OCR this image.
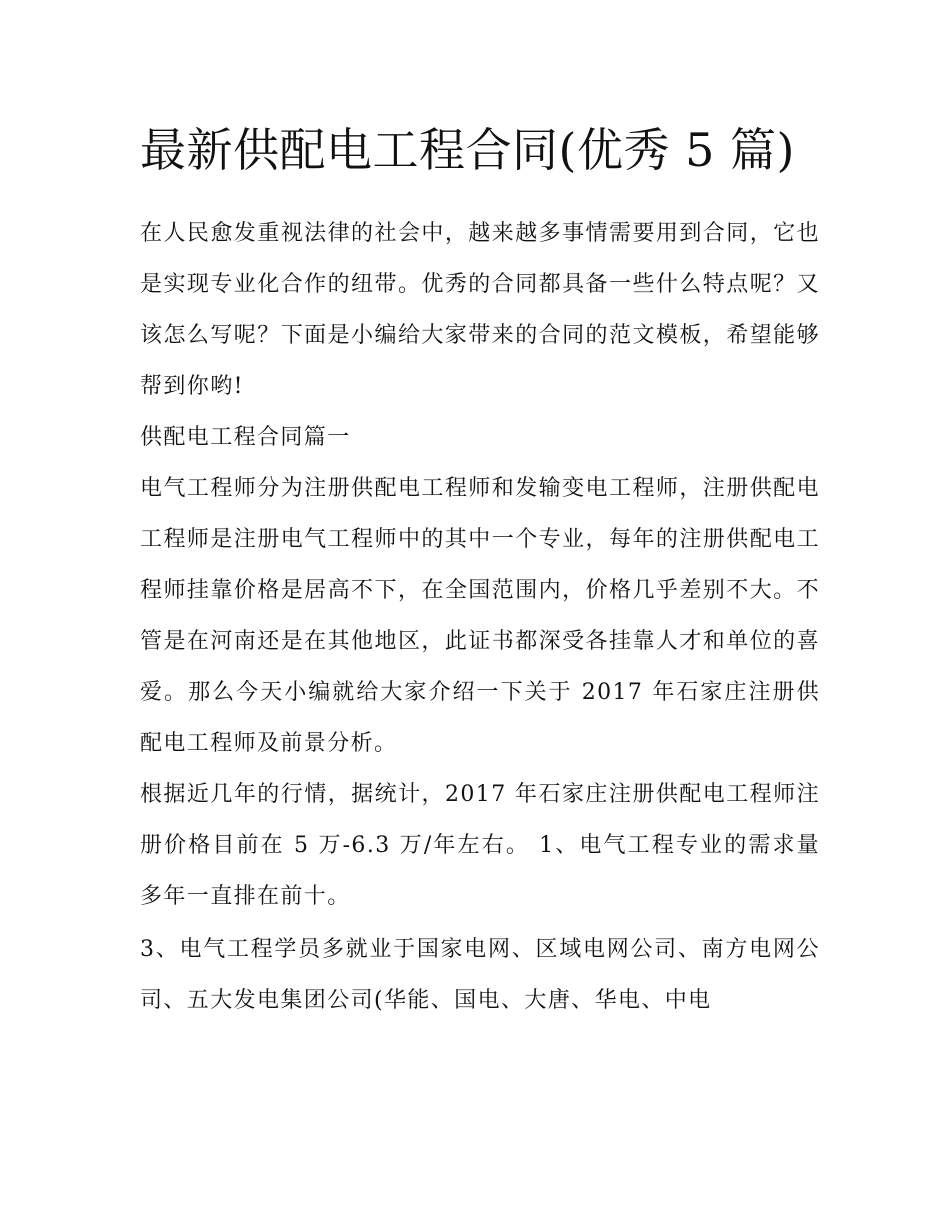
最新供配电工程合同(优秀 5 篇)

在人民愈发重视法律的社会中，越来越多事情需要用到合同，它也是实现专业化合作的纽带。优秀的合同都具备一些什么特点呢？又该怎么写呢？下面是小编给大家带来的合同的范文模板，希望能够帮到你哟!

供配电工程合同篇一

电气工程师分为注册供配电工程师和发输变电工程师，注册供配电工程师是注册电气工程师中的其中一个专业，每年的注册供配电工程师挂靠价格是居高不下，在全国范围内，价格几乎差别不大。不管是在河南还是在其他地区，此证书都深受各挂靠人才和单位的喜爱。那么今天小编就给大家介绍一下关于 2017 年石家庄注册供配电工程师及前景分析。

根据近几年的行情，据统计，2017 年石家庄注册供配电工程师注册价格目前在 5 万-6.3 万/年左右。 1、电气工程专业的需求量多年一直排在前十。

3、电气工程学员多就业于国家电网、区域电网公司、南方电网公司、五大发电集团公司(华能、国电、大唐、华电、中电
